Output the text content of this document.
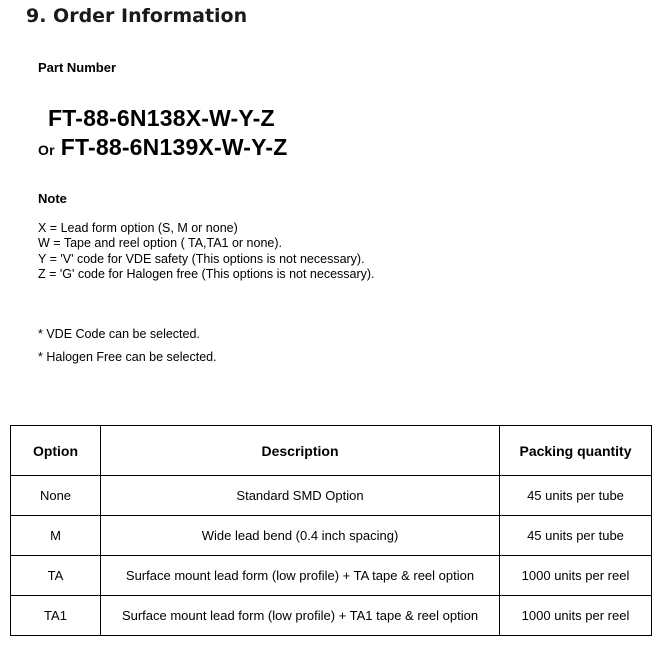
9. Order Information
Part Number
FT-88-6N138X-W-Y-Z
Or FT-88-6N139X-W-Y-Z
Note
X = Lead form option (S, M or none)
W = Tape and reel option ( TA,TA1 or none).
Y = 'V' code for VDE safety (This options is not necessary).
Z = 'G' code for Halogen free (This options is not necessary).
* VDE Code can be selected.
* Halogen Free can be selected.
Option	Description	Packing quantity
None	Standard SMD Option	45 units per tube
M	Wide lead bend (0.4 inch spacing)	45 units per tube
TA	Surface mount lead form (low profile) + TA tape & reel option	1000 units per reel
TA1	Surface mount lead form (low profile) + TA1 tape & reel option	1000 units per reel
